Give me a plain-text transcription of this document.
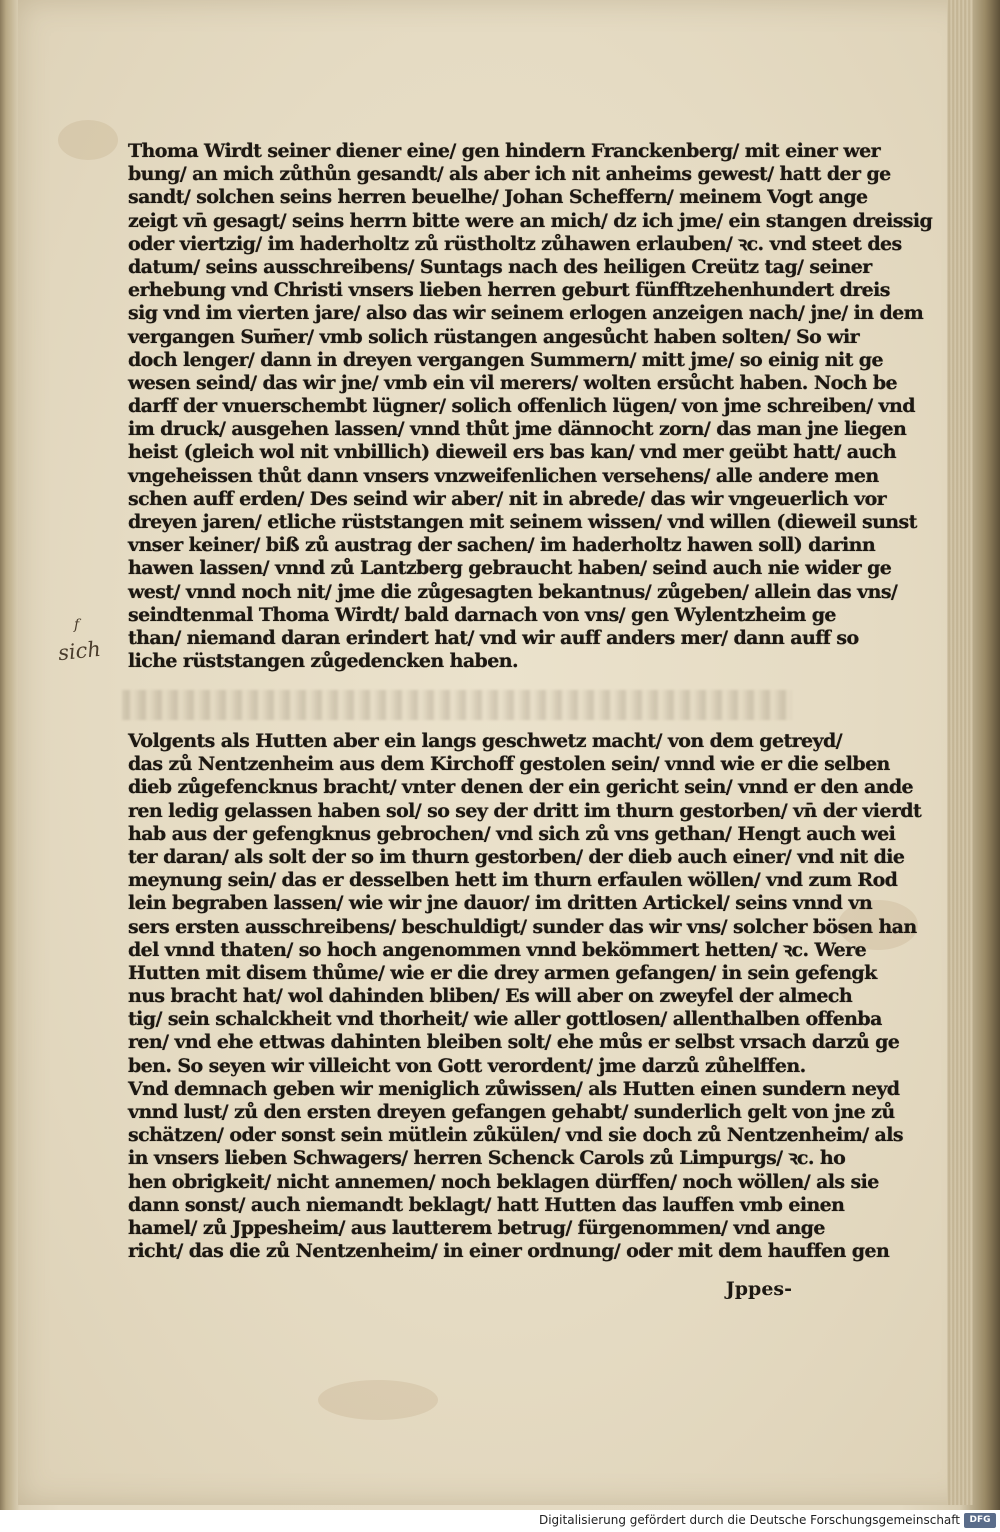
f
sich
Thoma Wirdt seiner diener eine/ gen hindern Franckenberg/ mit einer wer
bung/ an mich zůthůn gesandt/ als aber ich nit anheims gewest/ hatt der ge
sandt/ solchen seins herren beuelhe/ Johan Scheffern/ meinem Vogt ange
zeigt vn̄ gesagt/ seins herrn bitte were an mich/ dz ich jme/ ein stangen dreissig
oder viertzig/ im haderholtz zů rüstholtz zůhawen erlauben/ ꝛc. vnd steet des
datum/ seins ausschreibens/ Suntags nach des heiligen Creütz tag/ seiner
erhebung vnd Christi vnsers lieben herren geburt fünfftzehenhundert dreis
sig vnd im vierten jare/ also das wir seinem erlogen anzeigen nach/ jne/ in dem
vergangen Sum̄er/ vmb solich rüstangen angesůcht haben solten/ So wir
doch lenger/ dann in dreyen vergangen Summern/ mitt jme/ so einig nit ge
wesen seind/ das wir jne/ vmb ein vil merers/ wolten ersůcht haben. Noch be
darff der vnuerschembt lügner/ solich offenlich lügen/ von jme schreiben/ vnd
im druck/ ausgehen lassen/ vnnd thůt jme dännocht zorn/ das man jne liegen
heist (gleich wol nit vnbillich) dieweil ers bas kan/ vnd mer geübt hatt/ auch
vngeheissen thůt dann vnsers vnzweifenlichen versehens/ alle andere men
schen auff erden/ Des seind wir aber/ nit in abrede/ das wir vngeuerlich vor
dreyen jaren/ etliche rüststangen mit seinem wissen/ vnd willen (dieweil sunst
vnser keiner/ biß zů austrag der sachen/ im haderholtz hawen soll) darinn
hawen lassen/ vnnd zů Lantzberg gebraucht haben/ seind auch nie wider ge
west/ vnnd noch nit/ jme die zůgesagten bekantnus/ zůgeben/ allein das vns/
seindtenmal Thoma Wirdt/ bald darnach von vns/ gen Wylentzheim ge
than/ niemand daran erindert hat/ vnd wir auff anders mer/ dann auff so
liche rüststangen zůgedencken haben.
Volgents als Hutten aber ein langs geschwetz macht/ von dem getreyd/
das zů Nentzenheim aus dem Kirchoff gestolen sein/ vnnd wie er die selben
dieb zůgefencknus bracht/ vnter denen der ein gericht sein/ vnnd er den ande
ren ledig gelassen haben sol/ so sey der dritt im thurn gestorben/ vn̄ der vierdt
hab aus der gefengknus gebrochen/ vnd sich zů vns gethan/ Hengt auch wei
ter daran/ als solt der so im thurn gestorben/ der dieb auch einer/ vnd nit die
meynung sein/ das er desselben hett im thurn erfaulen wöllen/ vnd zum Rod
lein begraben lassen/ wie wir jne dauor/ im dritten Artickel/ seins vnnd vn
sers ersten ausschreibens/ beschuldigt/ sunder das wir vns/ solcher bösen han
del vnnd thaten/ so hoch angenommen vnnd bekömmert hetten/ ꝛc. Were
Hutten mit disem thůme/ wie er die drey armen gefangen/ in sein gefengk
nus bracht hat/ wol dahinden bliben/ Es will aber on zweyfel der almech
tig/ sein schalckheit vnd thorheit/ wie aller gottlosen/ allenthalben offenba
ren/ vnd ehe ettwas dahinten bleiben solt/ ehe můs er selbst vrsach darzů ge
ben. So seyen wir villeicht von Gott verordent/ jme darzů zůhelffen.
Vnd demnach geben wir meniglich zůwissen/ als Hutten einen sundern neyd
vnnd lust/ zů den ersten dreyen gefangen gehabt/ sunderlich gelt von jne zů
schätzen/ oder sonst sein mütlein zůkülen/ vnd sie doch zů Nentzenheim/ als
in vnsers lieben Schwagers/ herren Schenck Carols zů Limpurgs/ ꝛc. ho
hen obrigkeit/ nicht annemen/ noch beklagen dürffen/ noch wöllen/ als sie
dann sonst/ auch niemandt beklagt/ hatt Hutten das lauffen vmb einen
hamel/ zů Jppesheim/ aus lautterem betrug/ fürgenommen/ vnd ange
richt/ das die zů Nentzenheim/ in einer ordnung/ oder mit dem hauffen gen
Jppes-
Digitalisierung gefördert durch die Deutsche Forschungsgemeinschaft	DFG
